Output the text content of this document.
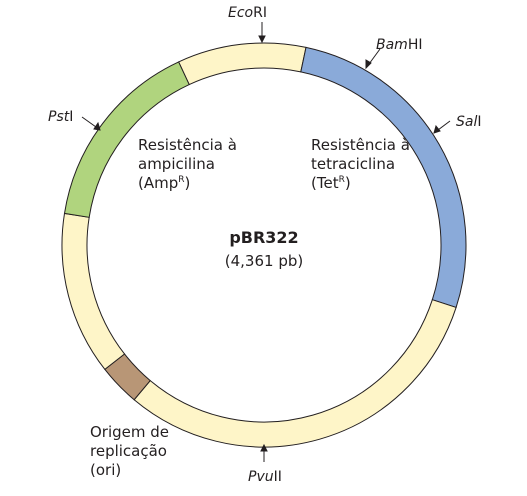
EcoRI
BamHI
SalI
PstI
PvuII
Resistência à
ampicilina
(Amp$^R$)
Resistência à
tetraciclina
(Tet$^R$)
pBR322
(4,361 pb)
Origem de
replicação
(ori)
